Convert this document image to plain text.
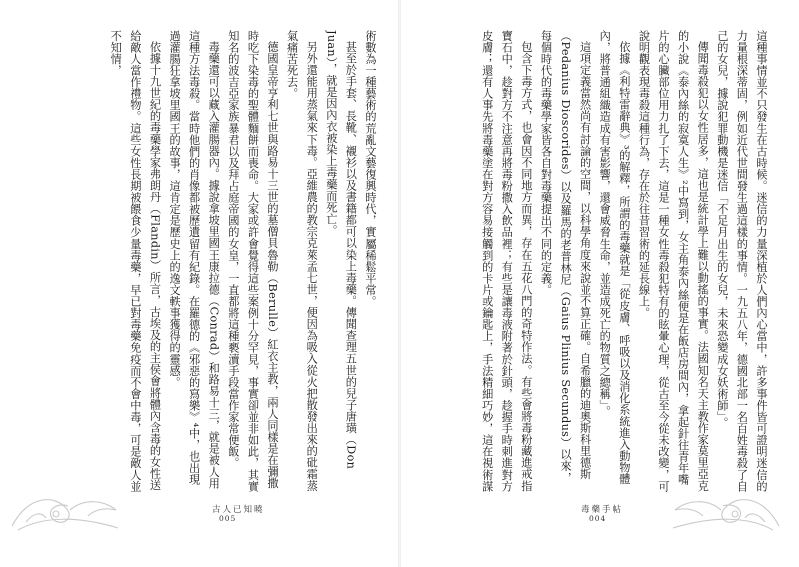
術數為一種藝術的荒亂文藝復興時代，實屬稀鬆平常。

甚至於手套、長靴、襯衫以及書籍都可以染上毒藥。傳聞查理五世的兒子唐璜（Don Juan），就是因內衣被染上毒藥而死亡。

另外還能用蒸氣來下毒。亞維農的教宗克萊孟七世，便因為吸入從火把散發出來的砒霜蒸氣痛苦死去。

德國皇帝亨利七世與路易十三世的墓僧貝魯勒（Berulle）紅衣主教，兩人同樣是在彌撒時吃下染毒的聖體麵餅而喪命。大家或許會覺得這些案例十分罕見，事實卻並非如此，其實知名的波吉亞家族暴君以及拜占庭帝國的女皇，一直都將這種褻瀆手段當作家常便飯。

毒藥還可以藏入灌腸器內。據說拿坡里國王康拉德（Conrad）和路易十三，就是被人用這種方法毒殺。當時他們的肖像都被歷遺留有紀錄。在羅德的《邪惡的寫樂》⁴中，也出現過灌腸狂拿坡里國王的故事，這肯定是歷史上的逸文軼事獲得的靈感。

依據十九世紀的毒藥學家弗朗丹（Flandin）所言，古埃及的主侯會將體內含毒的女性送給敵人當作禮物。這些女性長期被餵食少量毒藥，早已對毒藥免疫而不會中毒，可是敵人並不知情，

古人已知曉
005

這種事情並不只發生在古時候。迷信的力量深植於人們內心當中，許多事件皆可證明迷信的力量根深蒂固，例如近代世間發生過這樣的事情。一九五八年，德國北部一名百姓毒殺了自己的女兒，據說犯罪動機是迷信「不足月出生的女兒，未來恐變成女妖術師」。

傳聞毒殺犯以女性居多，這也是統計學上難以動搖的事實。法國知名天主教作家莫里亞克的小說《泰內絲的寂寞人生》²中寫到，女主角泰內絲便是在飯店房間內，拿起針往青年嘴片的心臟部位用力扎了下去，這是一種女性毒殺犯特有的眩暈心理，從古至今從未改變，可說明觀表現毒殺這種行為，存在於往昔習術的延長線上。

依據《利特雷辭典》³的解釋，所謂的毒藥就是「從皮膚、呼吸以及消化系統進入動物體內，將普通組織造成有害影響，還會威脅生命，並造成死亡的物質之總稱」。

這項定義當然尚有討論的空間，以科學角度來說並不算正確。自希臘的迪奧斯科里德斯（Pedanius Dioscorides）以及羅馬的老普林尼（Gaius Plinius Secundus）以來，每個時代的毒藥學家皆各自對毒藥提出不同的定義。

包含下毒方式，也會因不同地方而異，存在五花八門的奇特作法。有些會將毒粉藏進戒指寶石中，趁對方不注意再將毒粉撒入飲品裡；有些是讓毒液附著於針頭，趁握手時刺進對方皮膚；還有人事先將毒藥塗在對方容易接觸到的卡片或鑰匙上，手法精細巧妙，這在視術謀

毒藥手帖
004
